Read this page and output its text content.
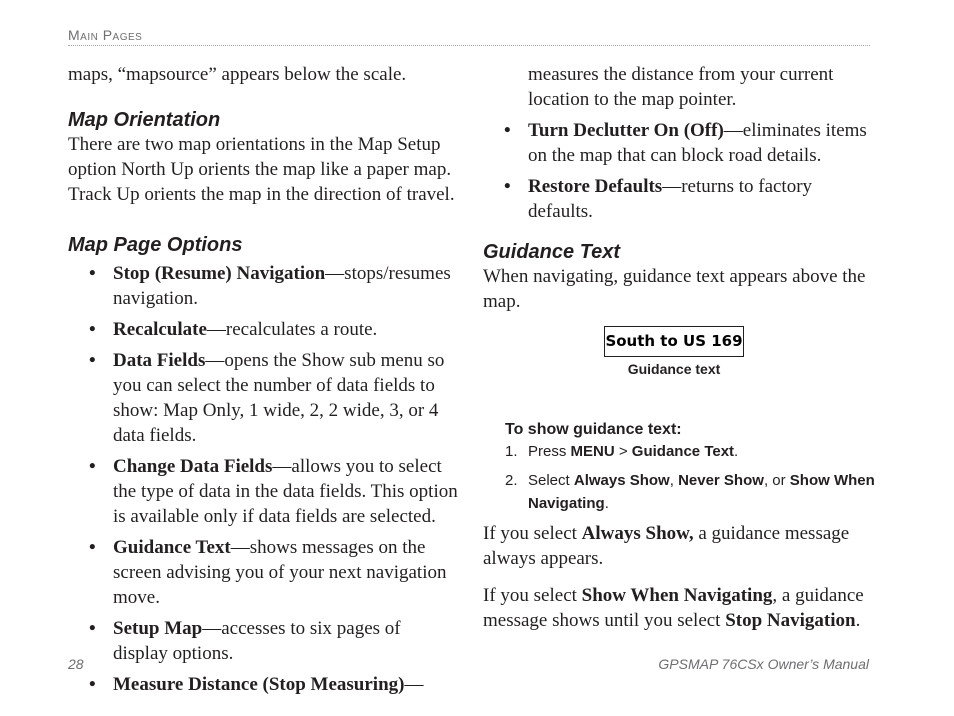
Main Pages

maps, “mapsource” appears below the scale.

Map Orientation

There are two map orientations in the Map Setup option North Up orients the map like a paper map. Track Up orients the map in the direction of travel.

Map Page Options
• Stop (Resume) Navigation—stops/resumes navigation.
• Recalculate—recalculates a route.
• Data Fields—opens the Show sub menu so you can select the number of data fields to show: Map Only, 1 wide, 2, 2 wide, 3, or 4 data fields.
• Change Data Fields—allows you to select the type of data in the data fields. This option is available only if data fields are selected.
• Guidance Text—shows messages on the screen advising you of your next navigation move.
• Setup Map—accesses to six pages of display options.
• Measure Distance (Stop Measuring)—
measures the distance from your current location to the map pointer.
• Turn Declutter On (Off)—eliminates items on the map that can block road details.
• Restore Defaults—returns to factory defaults.
Guidance Text

When navigating, guidance text appears above the map.

South to US 169
Guidance text

To show guidance text:

1. Press MENU > Guidance Text.
2. Select Always Show, Never Show, or Show When Navigating.

If you select Always Show, a guidance message always appears.

If you select Show When Navigating, a guidance message shows until you select Stop Navigation.

28	GPSMAP 76CSx Owner’s Manual
